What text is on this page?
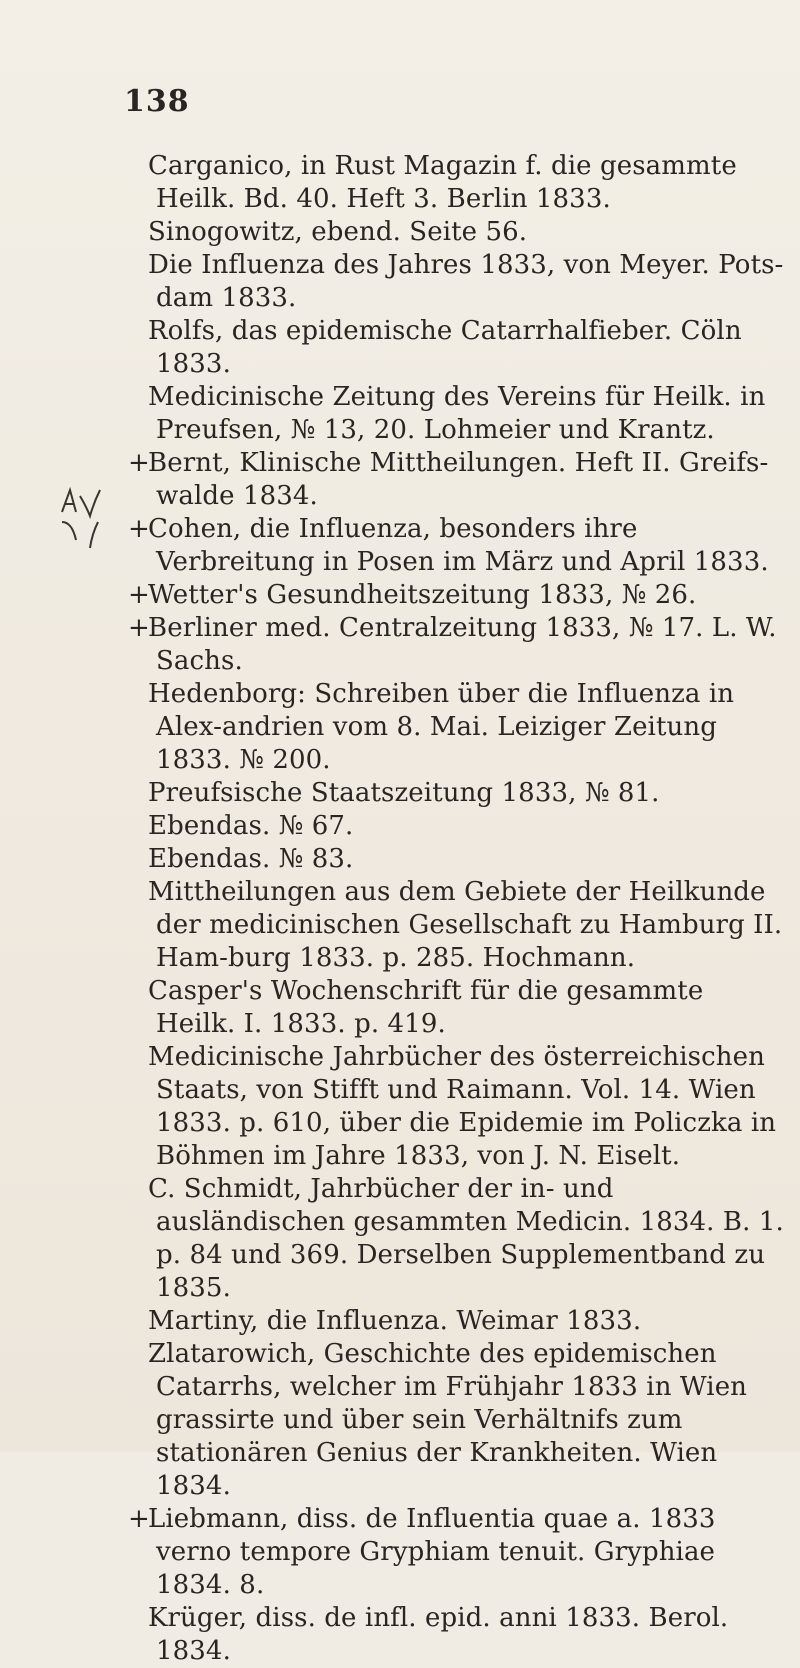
138
Carganico, in Rust Magazin f. die gesammte Heilk. Bd. 40. Heft 3. Berlin 1833.
Sinogowitz, ebend. Seite 56.
Die Influenza des Jahres 1833, von Meyer. Pots-dam 1833.
Rolfs, das epidemische Catarrhalfieber. Cöln 1833.
Medicinische Zeitung des Vereins für Heilk. in Preufsen, № 13, 20. Lohmeier und Krantz.
+Bernt, Klinische Mittheilungen. Heft II. Greifs-walde 1834.
+Cohen, die Influenza, besonders ihre Verbreitung in Posen im März und April 1833.
+Wetter's Gesundheitszeitung 1833, № 26.
+Berliner med. Centralzeitung 1833, № 17. L. W. Sachs.
Hedenborg: Schreiben über die Influenza in Alex-andrien vom 8. Mai. Leiziger Zeitung 1833. № 200.
Preufsische Staatszeitung 1833, № 81.
Ebendas. № 67.
Ebendas. № 83.
Mittheilungen aus dem Gebiete der Heilkunde der medicinischen Gesellschaft zu Hamburg II. Ham-burg 1833. p. 285. Hochmann.
Casper's Wochenschrift für die gesammte Heilk. I. 1833. p. 419.
Medicinische Jahrbücher des österreichischen Staats, von Stifft und Raimann. Vol. 14. Wien 1833. p. 610, über die Epidemie im Policzka in Böhmen im Jahre 1833, von J. N. Eiselt.
C. Schmidt, Jahrbücher der in- und ausländischen gesammten Medicin. 1834. B. 1. p. 84 und 369. Derselben Supplementband zu 1835.
Martiny, die Influenza. Weimar 1833.
Zlatarowich, Geschichte des epidemischen Catarrhs, welcher im Frühjahr 1833 in Wien grassirte und über sein Verhältnifs zum stationären Genius der Krankheiten. Wien 1834.
+Liebmann, diss. de Influentia quae a. 1833 verno tempore Gryphiam tenuit. Gryphiae 1834. 8.
Krüger, diss. de infl. epid. anni 1833. Berol. 1834.
